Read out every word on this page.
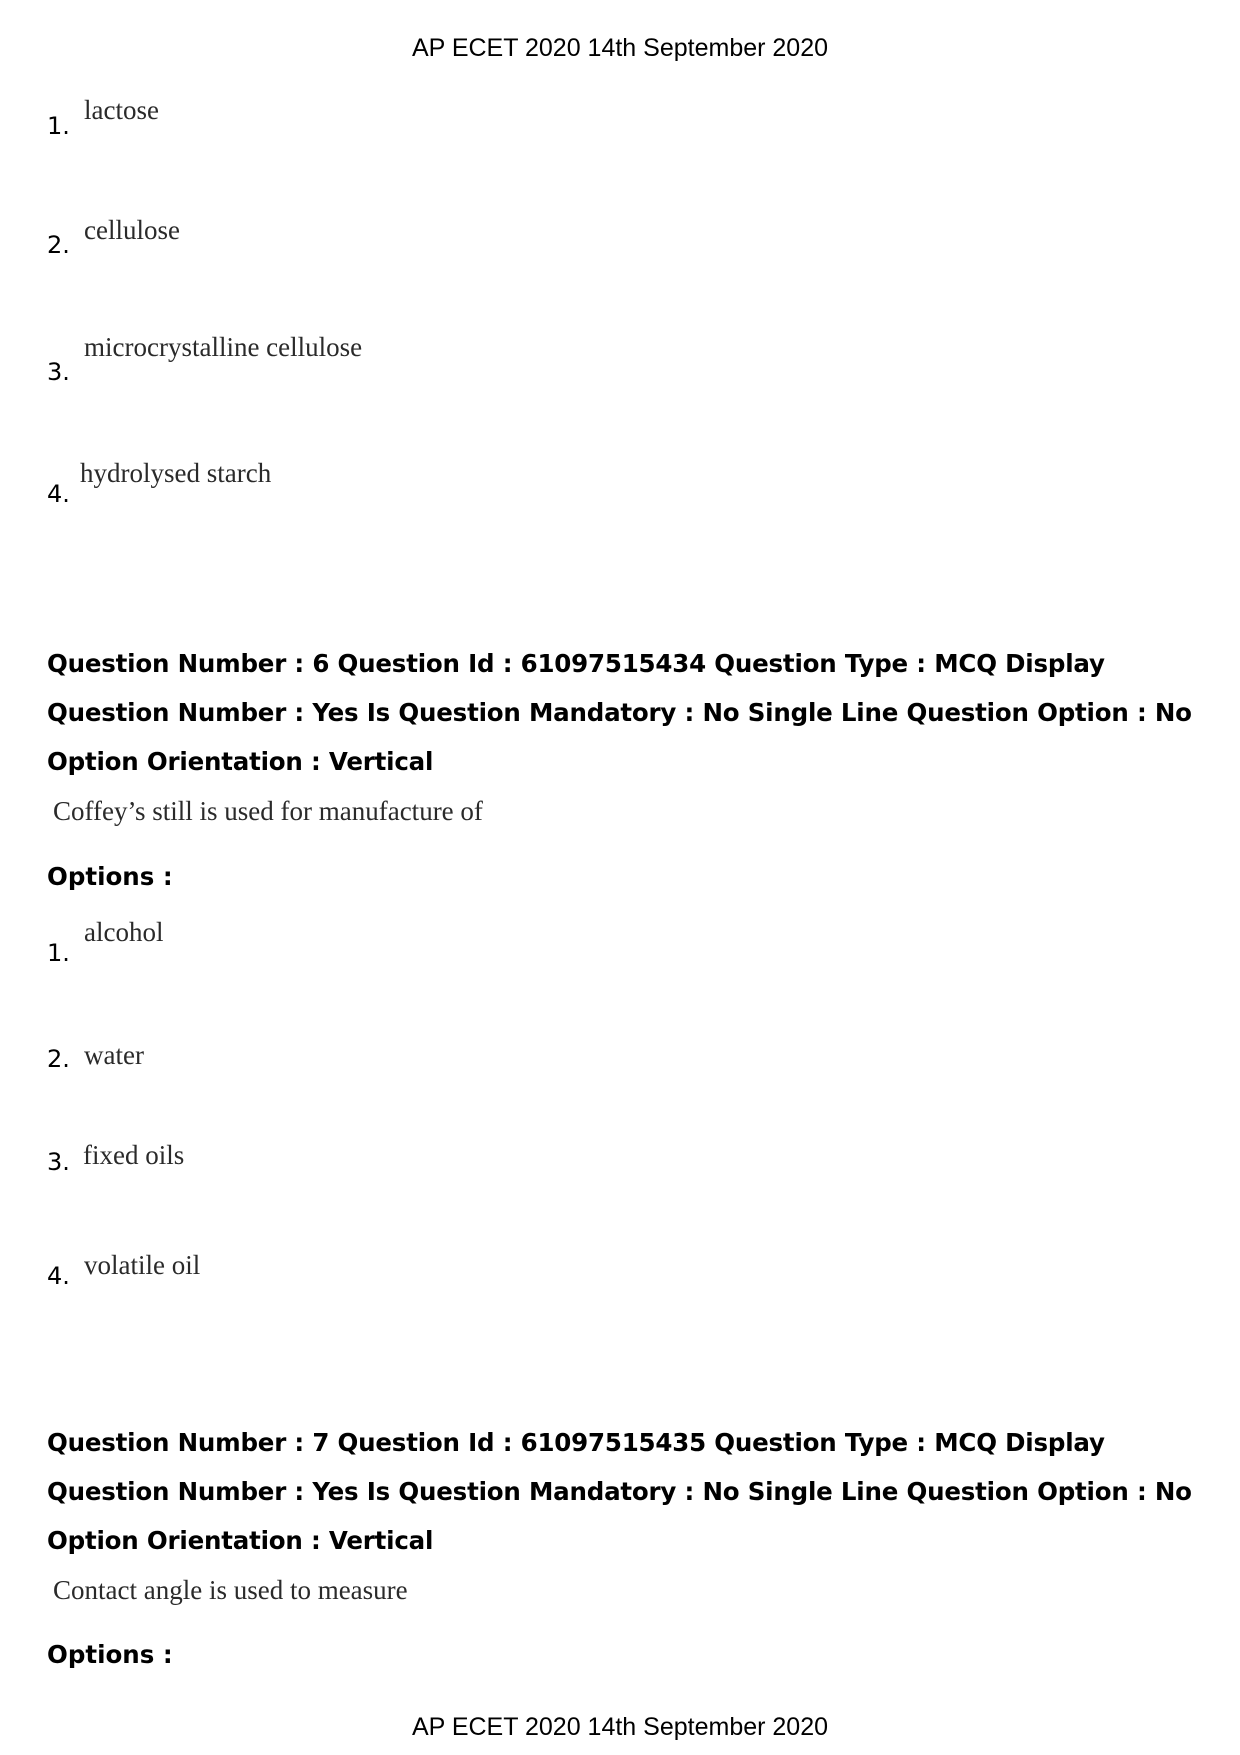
AP ECET 2020 14th September 2020
1.
lactose
2. cellulose
3.
microcrystalline cellulose
4.
hydrolysed starch
Question Number : 6 Question Id : 61097515434 Question Type : MCQ Display Question Number : Yes Is Question Mandatory : No Single Line Question Option : No Option Orientation : Vertical
Coffey’s still is used for manufacture of
Options :
1.
alcohol
2. water
3. fixed oils
4. volatile oil
Question Number : 7 Question Id : 61097515435 Question Type : MCQ Display Question Number : Yes Is Question Mandatory : No Single Line Question Option : No Option Orientation : Vertical
Contact angle is used to measure
Options :
AP ECET 2020 14th September 2020
